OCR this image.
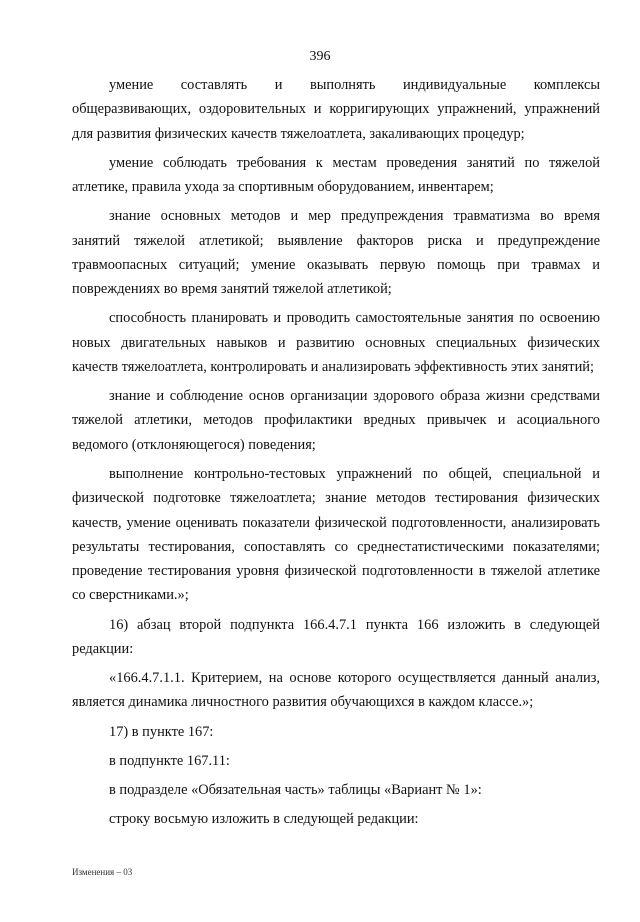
396

умение составлять и выполнять индивидуальные комплексы общеразвивающих, оздоровительных и корригирующих упражнений, упражнений для развития физических качеств тяжелоатлета, закаливающих процедур;

умение соблюдать требования к местам проведения занятий по тяжелой атлетике, правила ухода за спортивным оборудованием, инвентарем;

знание основных методов и мер предупреждения травматизма во время занятий тяжелой атлетикой; выявление факторов риска и предупреждение травмоопасных ситуаций; умение оказывать первую помощь при травмах и повреждениях во время занятий тяжелой атлетикой;

способность планировать и проводить самостоятельные занятия по освоению новых двигательных навыков и развитию основных специальных физических качеств тяжелоатлета, контролировать и анализировать эффективность этих занятий;

знание и соблюдение основ организации здорового образа жизни средствами тяжелой атлетики, методов профилактики вредных привычек и асоциального ведомого (отклоняющегося) поведения;

выполнение контрольно-тестовых упражнений по общей, специальной и физической подготовке тяжелоатлета; знание методов тестирования физических качеств, умение оценивать показатели физической подготовленности, анализировать результаты тестирования, сопоставлять со среднестатистическими показателями; проведение тестирования уровня физической подготовленности в тяжелой атлетике со сверстниками.»;

16) абзац второй подпункта 166.4.7.1 пункта 166 изложить в следующей редакции:

«166.4.7.1.1. Критерием, на основе которого осуществляется данный анализ, является динамика личностного развития обучающихся в каждом классе.»;

17) в пункте 167:

в подпункте 167.11:

в подразделе «Обязательная часть» таблицы «Вариант № 1»:

строку восьмую изложить в следующей редакции:

Изменения – 03
